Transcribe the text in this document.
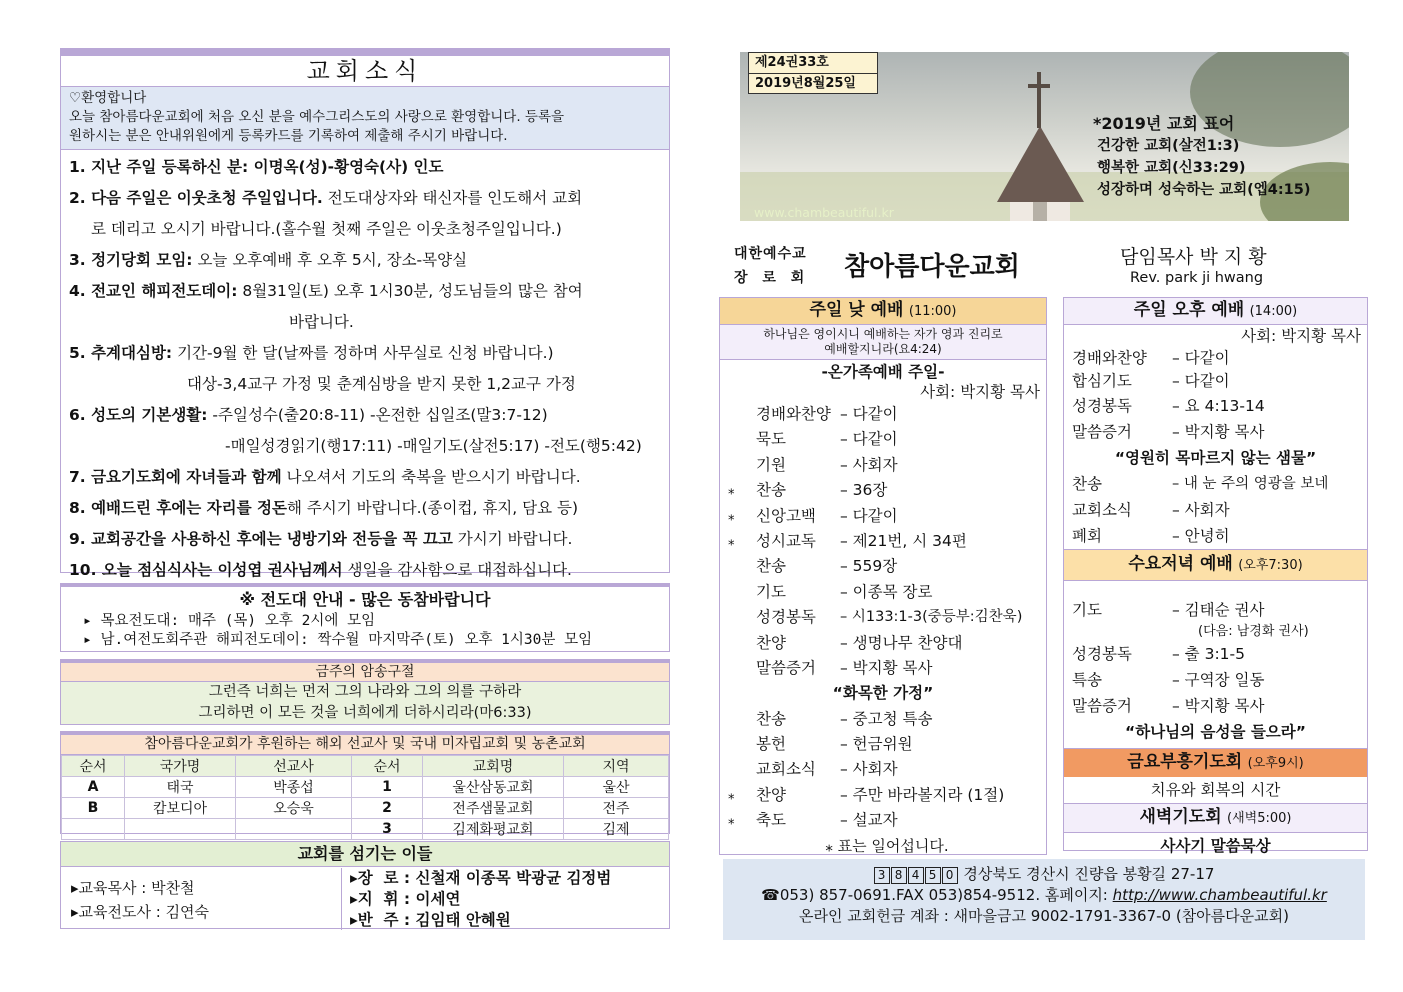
교회소식
♡환영합니다
오늘 참아름다운교회에 처음 오신 분을 예수그리스도의 사랑으로 환영합니다. 등록을
원하시는 분은 안내위원에게 등록카드를 기록하여 제출해 주시기 바랍니다.
1. 지난 주일 등록하신 분: 이명옥(성)-황영숙(사) 인도
2. 다음 주일은 이웃초청 주일입니다. 전도대상자와 태신자를 인도해서 교회
로 데리고 오시기 바랍니다.(홀수월 첫째 주일은 이웃초청주일입니다.)
3. 정기당회 모임: 오늘 오후예배 후 오후 5시, 장소-목양실
4. 전교인 해피전도데이: 8월31일(토) 오후 1시30분, 성도님들의 많은 참여
바랍니다.
5. 추계대심방: 기간-9월 한 달(날짜를 정하며 사무실로 신청 바랍니다.)
대상-3,4교구 가정 및 춘계심방을 받지 못한 1,2교구 가정
6. 성도의 기본생활: -주일성수(출20:8-11) -온전한 십일조(말3:7-12)
-매일성경읽기(행17:11) -매일기도(살전5:17) -전도(행5:42)
7. 금요기도회에 자녀들과 함께 나오셔서 기도의 축복을 받으시기 바랍니다.
8. 예배드린 후에는 자리를 정돈해 주시기 바랍니다.(종이컵, 휴지, 담요 등)
9. 교회공간을 사용하신 후에는 냉방기와 전등을 꼭 끄고 가시기 바랍니다.
10. 오늘 점심식사는 이성엽 권사님께서 생일을 감사함으로 대접하십니다.
※ 전도대 안내 - 많은 동참바랍니다
▸ 목요전도대: 매주 (목) 오후 2시에 모임
▸ 남.여전도회주관 해피전도데이: 짝수월 마지막주(토) 오후 1시30분 모임
금주의 암송구절
그런즉 너희는 먼저 그의 나라와 그의 의를 구하라
그리하면 이 모든 것을 너희에게 더하시리라(마6:33)
참아름다운교회가 후원하는 해외 선교사 및 국내 미자립교회 및 농촌교회
순서	국가명	선교사	순서	교회명	지역
A	태국	박종섭	1	울산삼동교회	울산
B	캄보디아	오승욱	2	전주샘물교회	전주
			3	김제화평교회	김제
교회를 섬기는 이들
▸교육목사 : 박찬철
▸교육전도사 : 김연숙
▸장  로 : 신철재 이종목 박광균 김정범
▸지  휘 : 이세연
▸반  주 : 김임태 안혜원
제24권33호
2019년8월25일
*2019년 교회 표어
건강한 교회(살전1:3)
행복한 교회(신33:29)
성장하며 성숙하는 교회(엡4:15)
www.chambeautiful.kr
대한예수교
장 로 회 참아름다운교회	담임목사 박 지 황
Rev. park ji hwang
주일 낮 예배 (11:00)
하나님은 영이시니 예배하는 자가 영과 진리로
예배할지니라(요4:24)
-온가족예배 주일-
사회: 박지황 목사
경배와찬양 – 다같이
묵도	– 다같이
기원	– 사회자
⁎	찬송	– 36장
⁎	신앙고백	– 다같이
⁎	성시교독	– 제21번, 시 34편
찬송	– 559장
기도	– 이종목 장로
성경봉독	– 시133:1-3(중등부:김찬욱)
찬양	– 생명나무 찬양대
말씀증거	– 박지황 목사
“화목한 가정”
찬송	– 중고청 특송
봉헌	– 헌금위원
교회소식	– 사회자
⁎	찬양	– 주만 바라볼지라 (1절)
⁎	축도	– 설교자
⁎ 표는 일어섭니다.
주일 오후 예배 (14:00)
사회: 박지황 목사
경배와찬양	– 다같이
합심기도	– 다같이
성경봉독	– 요 4:13-14
말씀증거	– 박지황 목사
“영원히 목마르지 않는 샘물”
찬송	– 내 눈 주의 영광을 보네
교회소식	– 사회자
폐회	– 안녕히
수요저녁 예배 (오후7:30)
기도	– 김태순 권사
(다음: 남경화 권사)
성경봉독	– 출 3:1-5
특송	– 구역장 일동
말씀증거	– 박지황 목사
“하나님의 음성을 들으라”
금요부흥기도회 (오후9시)
치유와 회복의 시간
새벽기도회 (새벽5:00)
사사기 말씀묵상
3 8 4 5 0 경상북도 경산시 진량읍 봉황길 27-17
☎053) 857-0691.FAX 053)854-9512. 홈페이지: http://www.chambeautiful.kr
온라인 교회헌금 계좌 : 새마을금고 9002-1791-3367-0 (참아름다운교회)
